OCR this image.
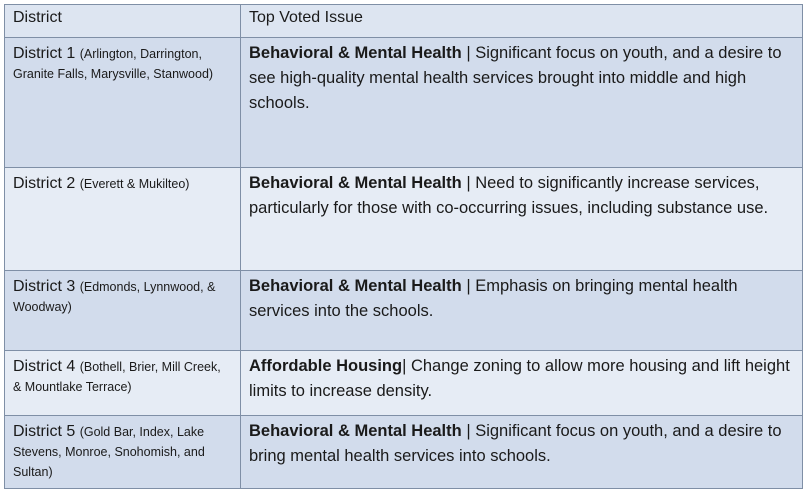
District	Top Voted Issue
District 1 (Arlington, Darrington, Granite Falls, Marysville, Stanwood)	Behavioral & Mental Health | Significant focus on youth, and a desire to see high-quality mental health services brought into middle and high schools.
District 2 (Everett & Mukilteo)	Behavioral & Mental Health | Need to significantly increase services, particularly for those with co-occurring issues, including substance use.
District 3 (Edmonds, Lynnwood, & Woodway)	Behavioral & Mental Health | Emphasis on bringing mental health services into the schools.
District 4 (Bothell, Brier, Mill Creek, & Mountlake Terrace)	Affordable Housing| Change zoning to allow more housing and lift height limits to increase density.
District 5 (Gold Bar, Index, Lake Stevens, Monroe, Snohomish, and Sultan)	Behavioral & Mental Health | Significant focus on youth, and a desire to bring mental health services into schools.
